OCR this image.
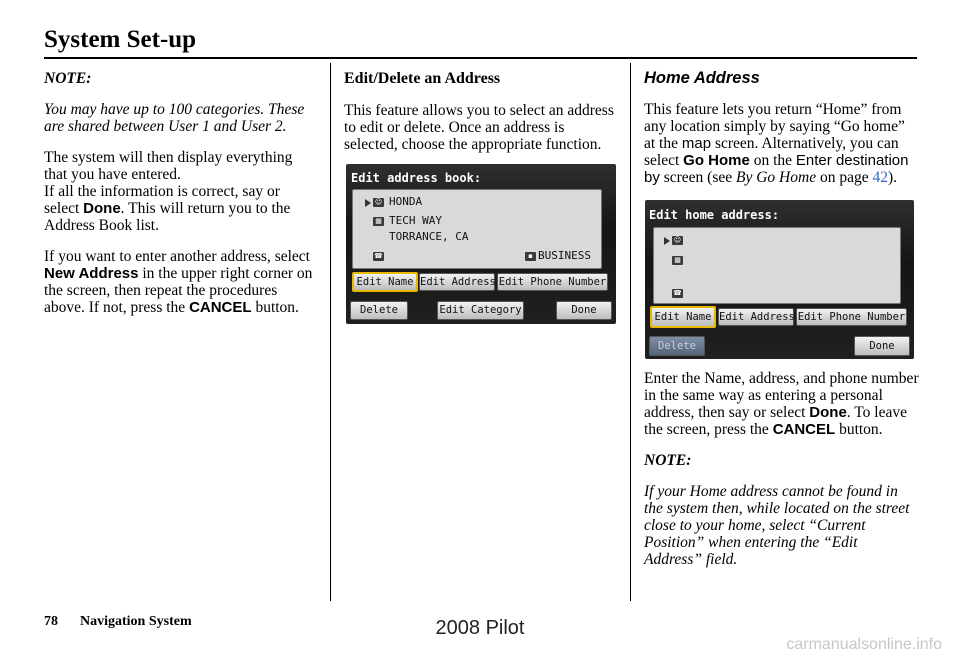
System Set-up

NOTE:

You may have up to 100 categories. These are shared between User 1 and User 2.

The system will then display everything that you have entered.

If all the information is correct, say or select Done. This will return you to the Address Book list.

If you want to enter another address, select New Address in the upper right corner on the screen, then repeat the procedures above. If not, press the CANCEL button.

Edit/Delete an Address

This feature allows you to select an address to edit or delete. Once an address is selected, choose the appropriate function.

Edit address book:
☺ HONDA
▦ TECH WAY
TORRANCE, CA
☎	▪ BUSINESS
Edit Name Edit Address Edit Phone Number
Delete	Edit Category	Done

Home Address

This feature lets you return “Home” from any location simply by saying “Go home” at the map screen. Alternatively, you can select Go Home on the Enter destination by screen (see By Go Home on page 42).

Edit home address:
☺
▦
☎
Edit Name Edit Address Edit Phone Number
Delete	Done

Enter the Name, address, and phone number in the same way as entering a personal address, then say or select Done. To leave the screen, press the CANCEL button.

NOTE:

If your Home address cannot be found in the system then, while located on the street close to your home, select “Current Position” when entering the “Edit Address” field.

78 Navigation System	2008 Pilot
carmanualsonline.info
